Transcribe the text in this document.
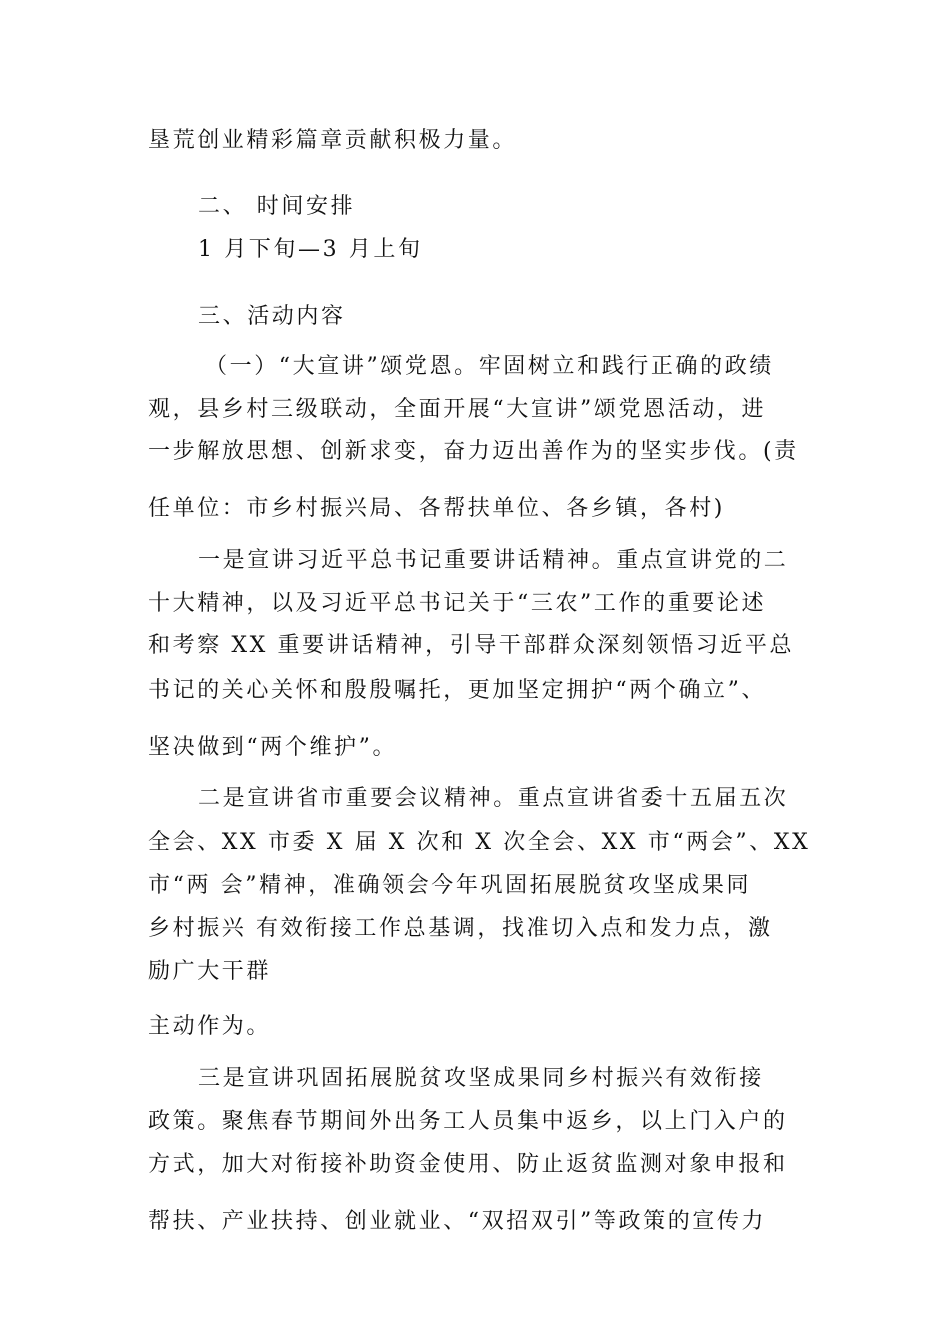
垦荒创业精彩篇章贡献积极力量。
二、 时间安排
1 月下旬—3 月上旬
三、活动内容
（一）“大宣讲”颂党恩。牢固树立和践行正确的政绩
观，县乡村三级联动，全面开展“大宣讲”颂党恩活动，进
一步解放思想、创新求变，奋力迈出善作为的坚实步伐。(责
任单位：市乡村振兴局、各帮扶单位、各乡镇，各村)
一是宣讲习近平总书记重要讲话精神。重点宣讲党的二
十大精神，以及习近平总书记关于“三农”工作的重要论述
和考察 XX 重要讲话精神，引导干部群众深刻领悟习近平总
书记的关心关怀和殷殷嘱托，更加坚定拥护“两个确立”、
坚决做到“两个维护”。
二是宣讲省市重要会议精神。重点宣讲省委十五届五次
全会、XX 市委 X 届 X 次和 X 次全会、XX 市“两会”、XX
市“两 会”精神，准确领会今年巩固拓展脱贫攻坚成果同
乡村振兴 有效衔接工作总基调，找准切入点和发力点，激
励广大干群
主动作为。
三是宣讲巩固拓展脱贫攻坚成果同乡村振兴有效衔接
政策。聚焦春节期间外出务工人员集中返乡，以上门入户的
方式，加大对衔接补助资金使用、防止返贫监测对象申报和
帮扶、产业扶持、创业就业、“双招双引”等政策的宣传力
